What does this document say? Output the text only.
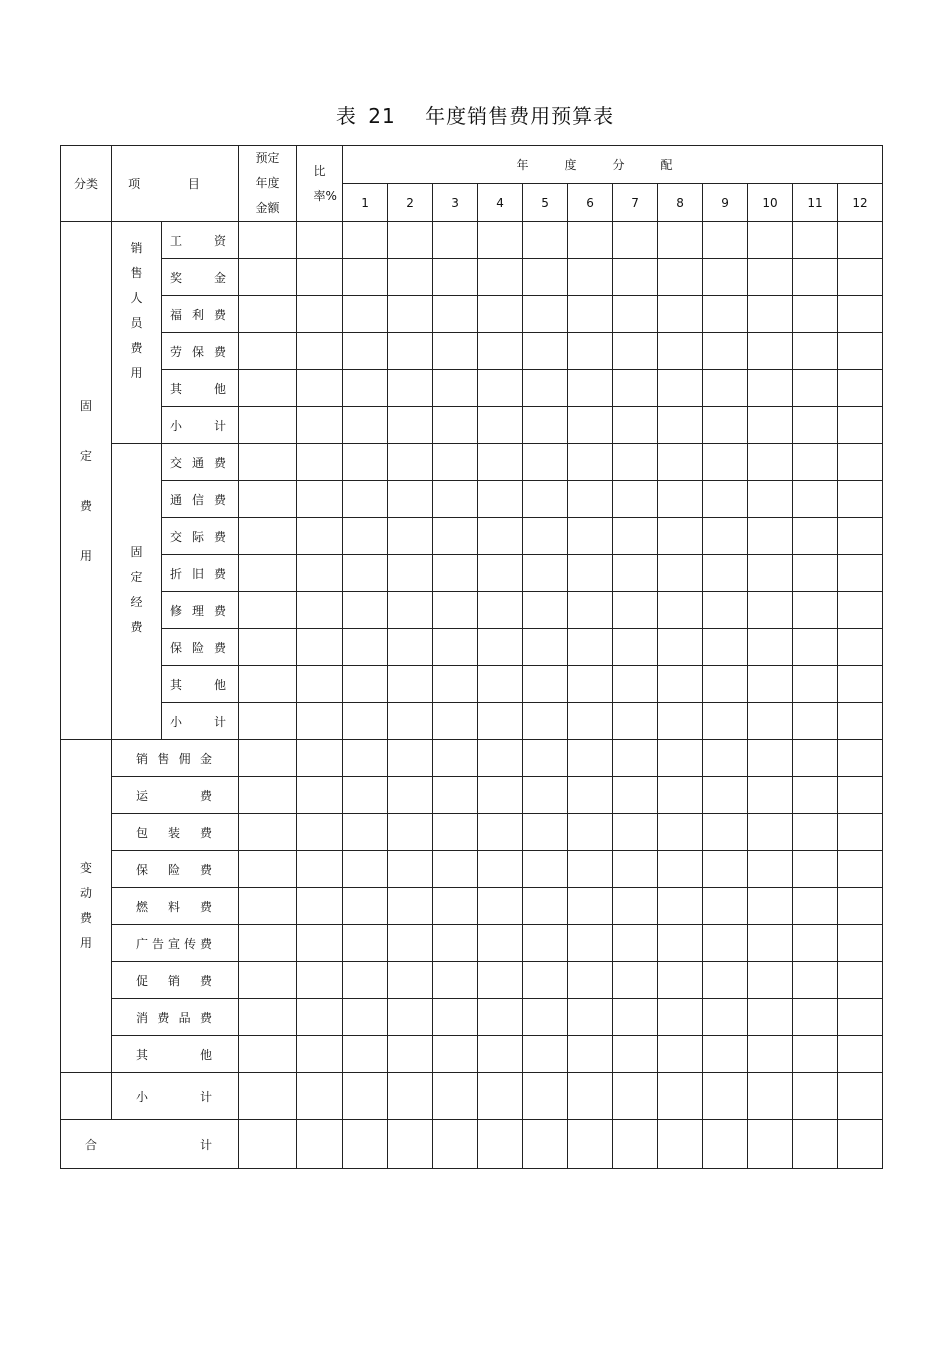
表 21 年度销售费用预算表
分类	项 目		预定年度金额	比率%	年度分配											
					1	2	3	4	5	6	7	8	9	10	11	12
固定费用	销售人员费用	工资														
		奖金														
		福利费														
		劳保费														
		其他														
		小计														
	固定经费	交通费														
		通信费														
		交际费														
		折旧费														
		修理费														
		保险费														
		其他														
		小计														
变动费用	销售佣金															
	运 费															
	包装费															
	保险费															
	燃料费															
	广告宣传费															
	促销费															
	消费品费															
	其 他															
	小 计															
合 计																
